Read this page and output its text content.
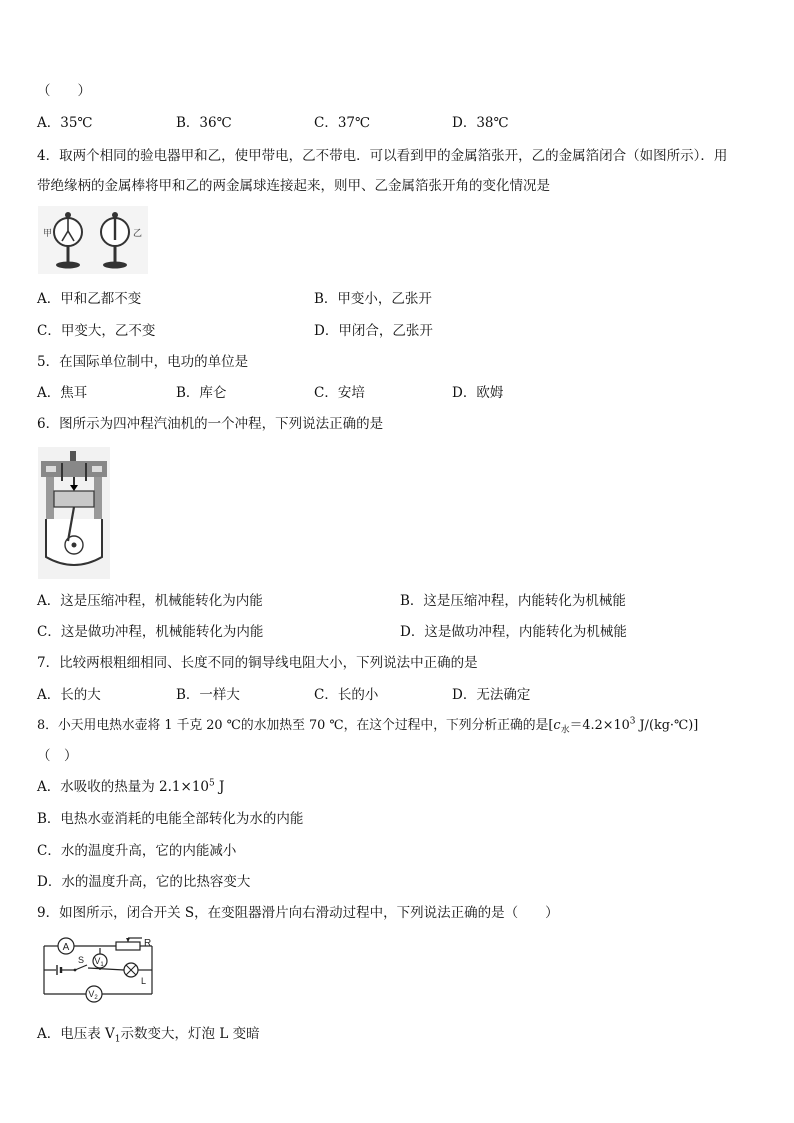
（　　）
A．35℃	B．36℃	C．37℃	D．38℃
4．取两个相同的验电器甲和乙，使甲带电，乙不带电．可以看到甲的金属箔张开，乙的金属箔闭合（如图所示）．用
带绝缘柄的金属棒将甲和乙的两金属球连接起来，则甲、乙金属箔张开角的变化情况是
甲	乙
A．甲和乙都不变	B．甲变小，乙张开
C．甲变大，乙不变	D．甲闭合，乙张开
5．在国际单位制中，电功的单位是
A．焦耳	B．库仑	C．安培	D．欧姆
6．图所示为四冲程汽油机的一个冲程，下列说法正确的是
A．这是压缩冲程，机械能转化为内能	B．这是压缩冲程，内能转化为机械能
C．这是做功冲程，机械能转化为内能	D．这是做功冲程，内能转化为机械能
7．比较两根粗细相同、长度不同的铜导线电阻大小，下列说法中正确的是
A．长的大	B．一样大	C．长的小	D．无法确定
8．小天用电热水壶将 1 千克 20 ℃的水加热至 70 ℃，在这个过程中，下列分析正确的是[$c_水=4.2\times 10^3$ J/(kg·℃)]
（　）
A．水吸收的热量为 $2.1\times 10^5$ J
B．电热水壶消耗的电能全部转化为水的内能
C．水的温度升高，它的内能减小
D．水的温度升高，它的比热容变大
9．如图所示，闭合开关 S，在变阻器滑片向右滑动过程中，下列说法正确的是（　　）
A	R
S $V_1$
L
$V_2$
A．电压表 $V_1$示数变大，灯泡 L 变暗
